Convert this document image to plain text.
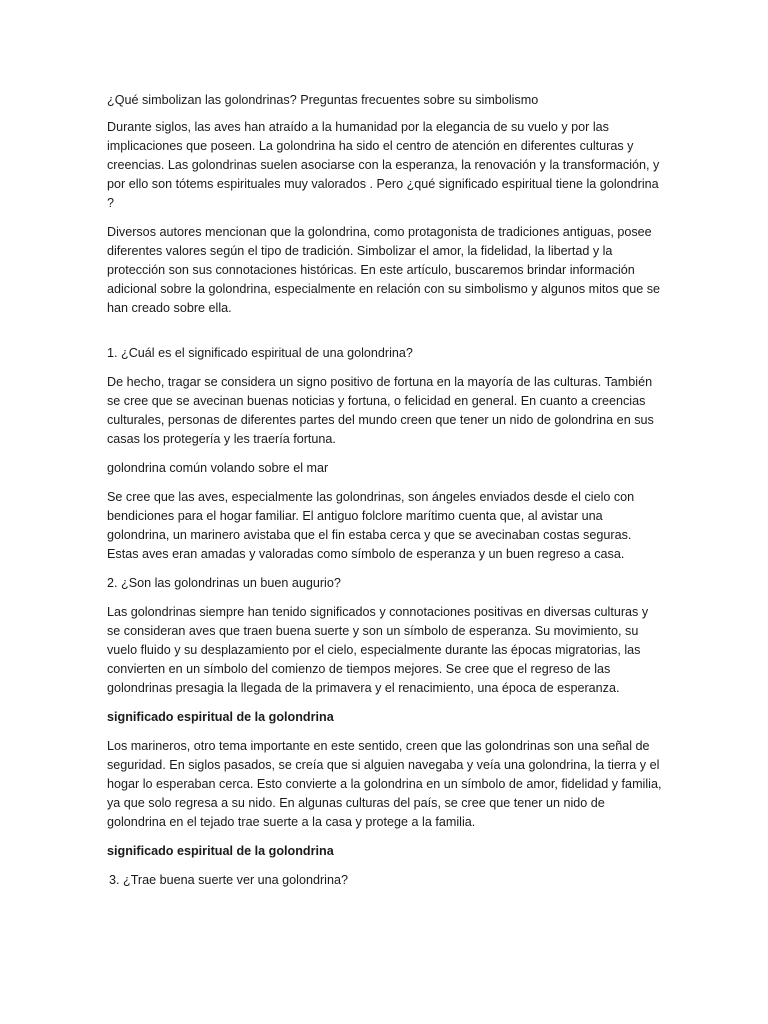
¿Qué simbolizan las golondrinas? Preguntas frecuentes sobre su simbolismo

Durante siglos, las aves han atraído a la humanidad por la elegancia de su vuelo y por las implicaciones que poseen. La golondrina ha sido el centro de atención en diferentes culturas y creencias. Las golondrinas suelen asociarse con la esperanza, la renovación y la transformación, y por ello son tótems espirituales muy valorados . Pero ¿qué significado espiritual tiene la golondrina ?

Diversos autores mencionan que la golondrina, como protagonista de tradiciones antiguas, posee diferentes valores según el tipo de tradición. Simbolizar el amor, la fidelidad, la libertad y la protección son sus connotaciones históricas. En este artículo, buscaremos brindar información adicional sobre la golondrina, especialmente en relación con su simbolismo y algunos mitos que se han creado sobre ella.

1. ¿Cuál es el significado espiritual de una golondrina?

De hecho, tragar se considera un signo positivo de fortuna en la mayoría de las culturas. También se cree que se avecinan buenas noticias y fortuna, o felicidad en general. En cuanto a creencias culturales, personas de diferentes partes del mundo creen que tener un nido de golondrina en sus casas los protegería y les traería fortuna.

golondrina común volando sobre el mar

Se cree que las aves, especialmente las golondrinas, son ángeles enviados desde el cielo con bendiciones para el hogar familiar. El antiguo folclore marítimo cuenta que, al avistar una golondrina, un marinero avistaba que el fin estaba cerca y que se avecinaban costas seguras. Estas aves eran amadas y valoradas como símbolo de esperanza y un buen regreso a casa.

2. ¿Son las golondrinas un buen augurio?

Las golondrinas siempre han tenido significados y connotaciones positivas en diversas culturas y se consideran aves que traen buena suerte y son un símbolo de esperanza. Su movimiento, su vuelo fluido y su desplazamiento por el cielo, especialmente durante las épocas migratorias, las convierten en un símbolo del comienzo de tiempos mejores. Se cree que el regreso de las golondrinas presagia la llegada de la primavera y el renacimiento, una época de esperanza.

significado espiritual de la golondrina

Los marineros, otro tema importante en este sentido, creen que las golondrinas son una señal de seguridad. En siglos pasados, se creía que si alguien navegaba y veía una golondrina, la tierra y el hogar lo esperaban cerca. Esto convierte a la golondrina en un símbolo de amor, fidelidad y familia, ya que solo regresa a su nido. En algunas culturas del país, se cree que tener un nido de golondrina en el tejado trae suerte a la casa y protege a la familia.

significado espiritual de la golondrina

3. ¿Trae buena suerte ver una golondrina?
